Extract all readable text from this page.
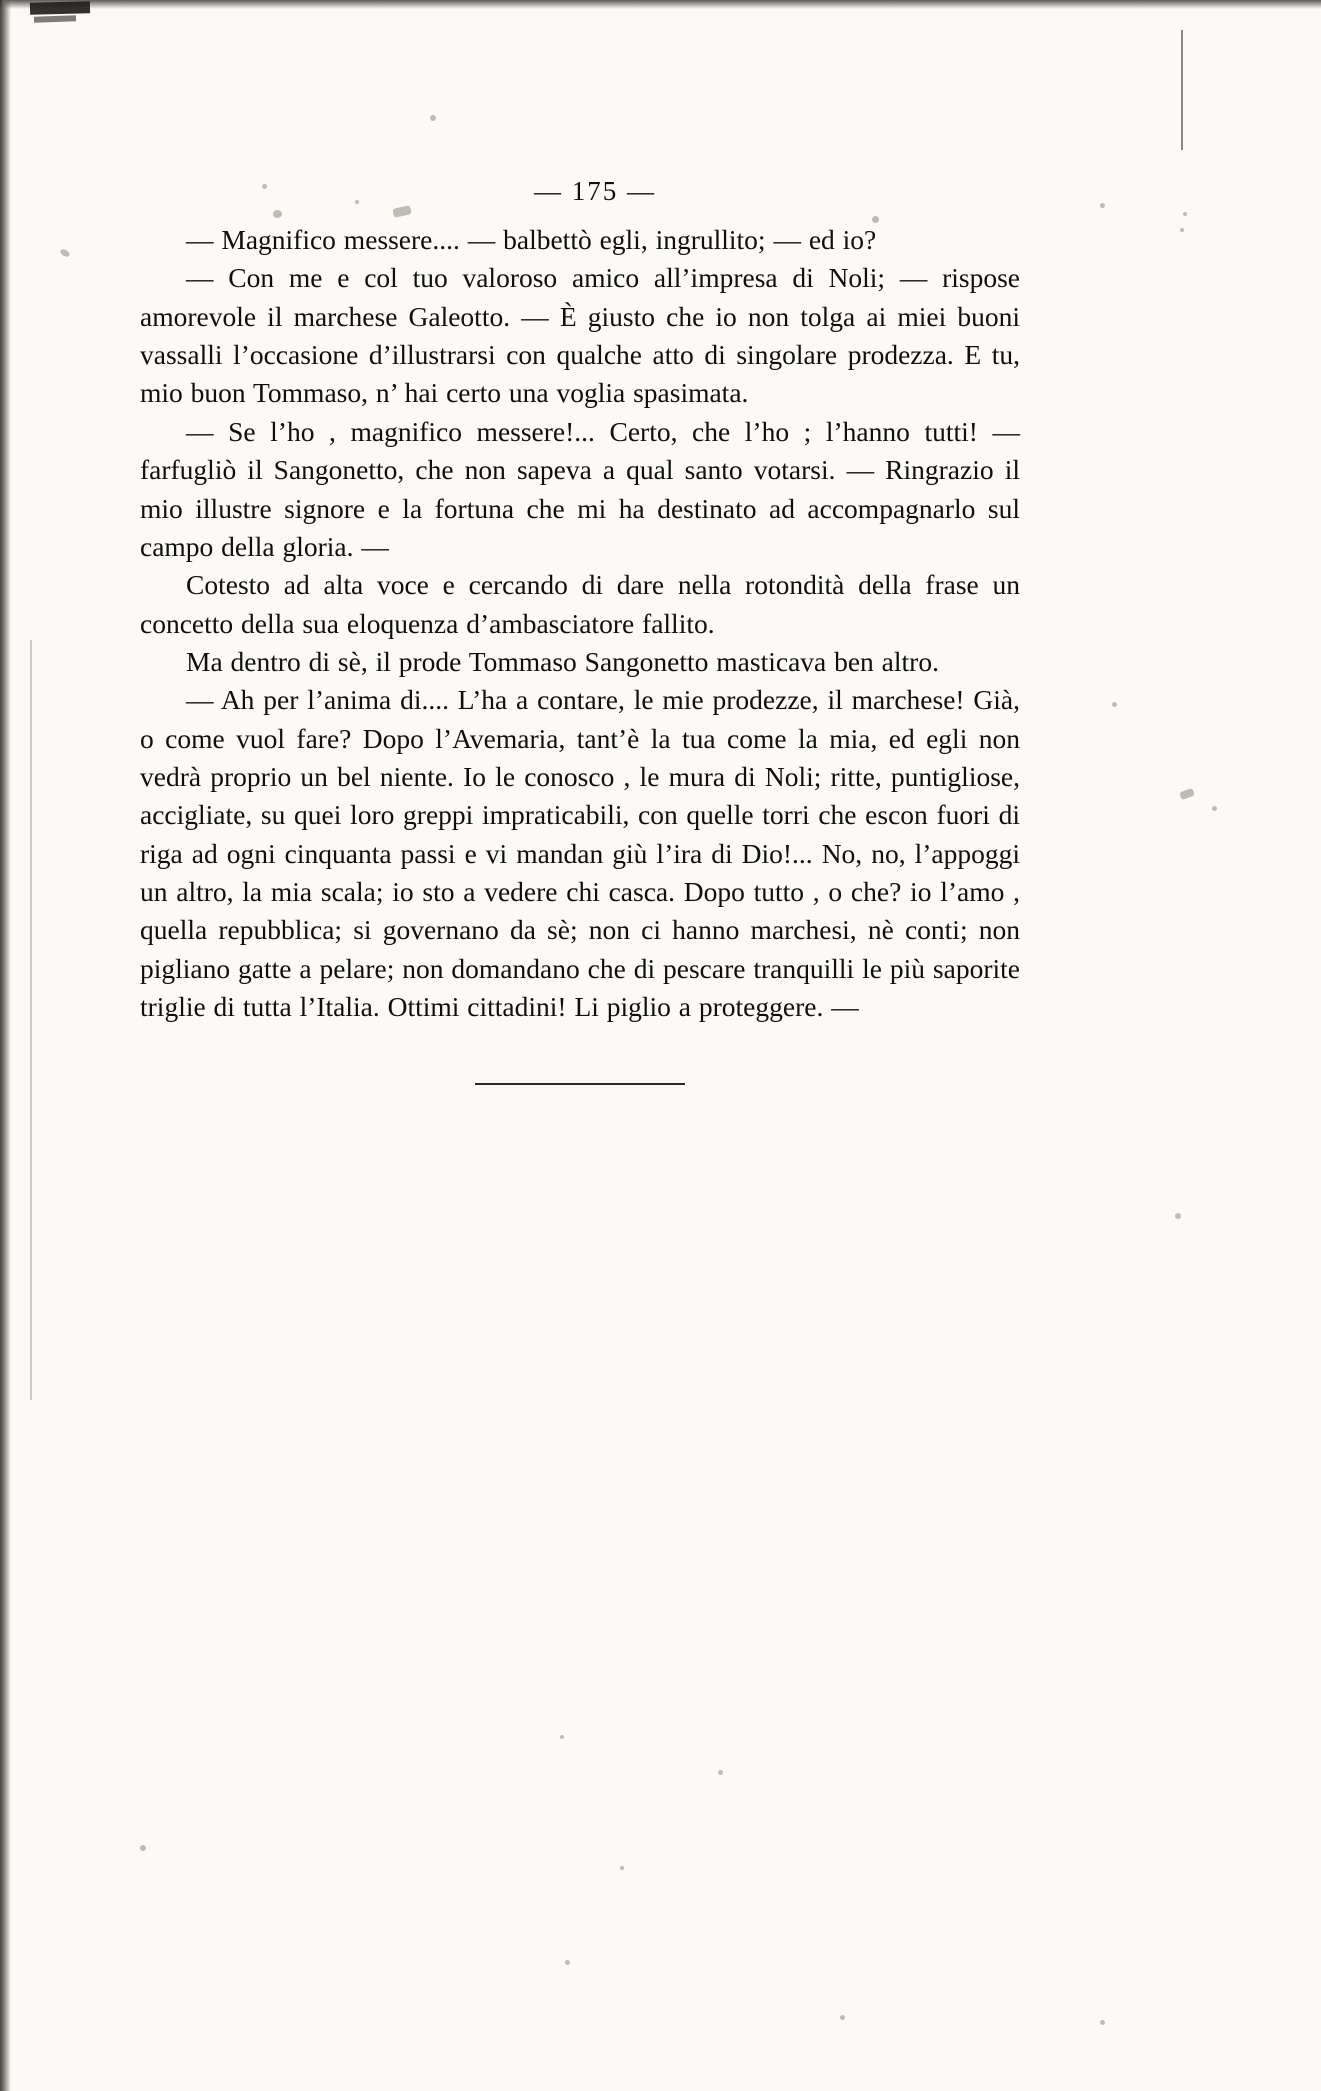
— 175 —

— Magnifico messere.... — balbettò egli, ingrullito; — ed io?

— Con me e col tuo valoroso amico all’impresa di Noli; — rispose amorevole il marchese Galeotto. — È giusto che io non tolga ai miei buoni vassalli l’occasione d’illustrarsi con qualche atto di singolare prodezza. E tu, mio buon Tommaso, n’ hai certo una voglia spasimata.

— Se l’ho , magnifico messere!... Certo, che l’ho ; l’hanno tutti! — farfugliò il Sangonetto, che non sapeva a qual santo votarsi. — Ringrazio il mio illustre signore e la fortuna che mi ha destinato ad accompagnarlo sul campo della gloria. —

Cotesto ad alta voce e cercando di dare nella rotondità della frase un concetto della sua eloquenza d’ambasciatore fallito.

Ma dentro di sè, il prode Tommaso Sangonetto masticava ben altro.

— Ah per l’anima di.... L’ha a contare, le mie prodezze, il marchese! Già, o come vuol fare? Dopo l’Avemaria, tant’è la tua come la mia, ed egli non vedrà proprio un bel niente. Io le conosco , le mura di Noli; ritte, puntigliose, accigliate, su quei loro greppi impraticabili, con quelle torri che escon fuori di riga ad ogni cinquanta passi e vi mandan giù l’ira di Dio!... No, no, l’appoggi un altro, la mia scala; io sto a vedere chi casca. Dopo tutto , o che? io l’amo , quella repubblica; si governano da sè; non ci hanno marchesi, nè conti; non pigliano gatte a pelare; non domandano che di pescare tranquilli le più saporite triglie di tutta l’Italia. Ottimi cittadini! Li piglio a proteggere. —
